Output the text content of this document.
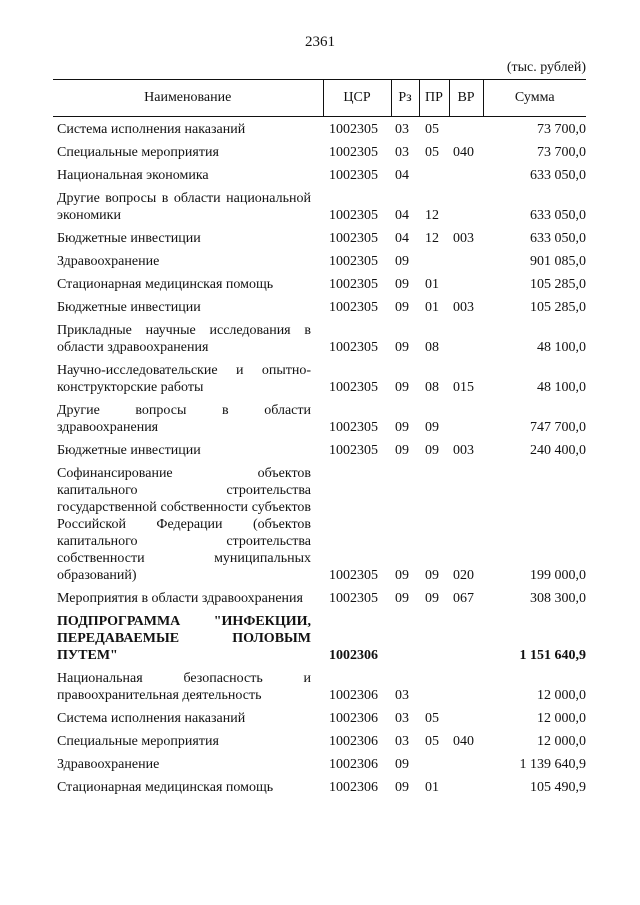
2361
(тыс. рублей)
Наименование	ЦСР	Рз	ПР	ВР	Сумма
Система исполнения наказаний	1002305	03	05		73 700,0
Специальные мероприятия	1002305	03	05	040	73 700,0
Национальная экономика	1002305	04			633 050,0
Другие вопросы в области национальной экономики	1002305	04	12		633 050,0
Бюджетные инвестиции	1002305	04	12	003	633 050,0
Здравоохранение	1002305	09			901 085,0
Стационарная медицинская помощь	1002305	09	01		105 285,0
Бюджетные инвестиции	1002305	09	01	003	105 285,0
Прикладные научные исследования в области здравоохранения	1002305	09	08		48 100,0
Научно-исследовательские и опытно-конструкторские работы	1002305	09	08	015	48 100,0
Другие вопросы в области здравоохранения	1002305	09	09		747 700,0
Бюджетные инвестиции	1002305	09	09	003	240 400,0
Софинансирование объектов капитального строительства государственной собственности субъектов Российской Федерации (объектов капитального строительства собственности муниципальных образований)	1002305	09	09	020	199 000,0
Мероприятия в области здравоохранения	1002305	09	09	067	308 300,0
ПОДПРОГРАММА "ИНФЕКЦИИ, ПЕРЕДАВАЕМЫЕ ПОЛОВЫМ ПУТЕМ"	1002306				1 151 640,9
Национальная безопасность и правоохранительная деятельность	1002306	03			12 000,0
Система исполнения наказаний	1002306	03	05		12 000,0
Специальные мероприятия	1002306	03	05	040	12 000,0
Здравоохранение	1002306	09			1 139 640,9
Стационарная медицинская помощь	1002306	09	01		105 490,9
